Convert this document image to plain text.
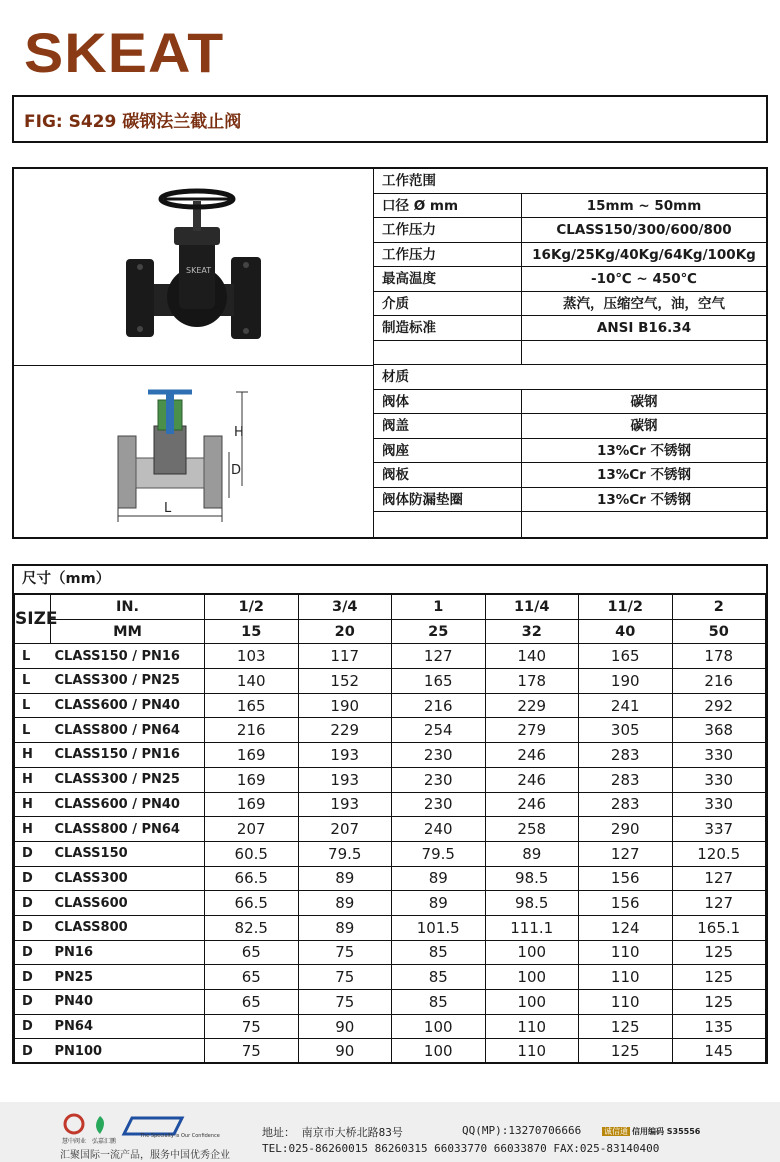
SKEAT
FIG: S429 碳钢法兰截止阀
SKEAT
H
D
L
工作范围
口径 Ø mm	15mm ~ 50mm
工作压力	CLASS150/300/600/800
工作压力	16Kg/25Kg/40Kg/64Kg/100Kg
最高温度	-10℃ ~ 450℃
介质	蒸汽，压缩空气，油，空气
制造标准	ANSI B16.34
材质
阀体	碳钢
阀盖	碳钢
阀座	13%Cr 不锈钢
阀板	13%Cr 不锈钢
阀体防漏垫圈	13%Cr 不锈钢
尺寸（mm）
SIZE	IN.	1/2	3/4	1	11/4	11/2	2
	MM	15	20	25	32	40	50
L	CLASS150 / PN16	103	117	127	140	165	178
L	CLASS300 / PN25	140	152	165	178	190	216
L	CLASS600 / PN40	165	190	216	229	241	292
L	CLASS800 / PN64	216	229	254	279	305	368
H	CLASS150 / PN16	169	193	230	246	283	330
H	CLASS300 / PN25	169	193	230	246	283	330
H	CLASS600 / PN40	169	193	230	246	283	330
H	CLASS800 / PN64	207	207	240	258	290	337
D	CLASS150	60.5	79.5	79.5	89	127	120.5
D	CLASS300	66.5	89	89	98.5	156	127
D	CLASS600	66.5	89	89	98.5	156	127
D	CLASS800	82.5	89	101.5	111.1	124	165.1
D	PN16	65	75	85	100	110	125
D	PN25	65	75	85	100	110	125
D	PN40	65	75	85	100	110	125
D	PN64	75	90	100	110	125	135
D	PN100	75	90	100	110	125	145
慧中阀业 弘嘉汇鹏
The Specialty is Our Confidence
汇聚国际一流产品，服务中国优秀企业
地址： 南京市大桥北路83号	QQ(MP):13270706666	诚信通 信用编码 S35556
TEL:025-86260015 86260315 66033770 66033870 FAX:025-83140400
